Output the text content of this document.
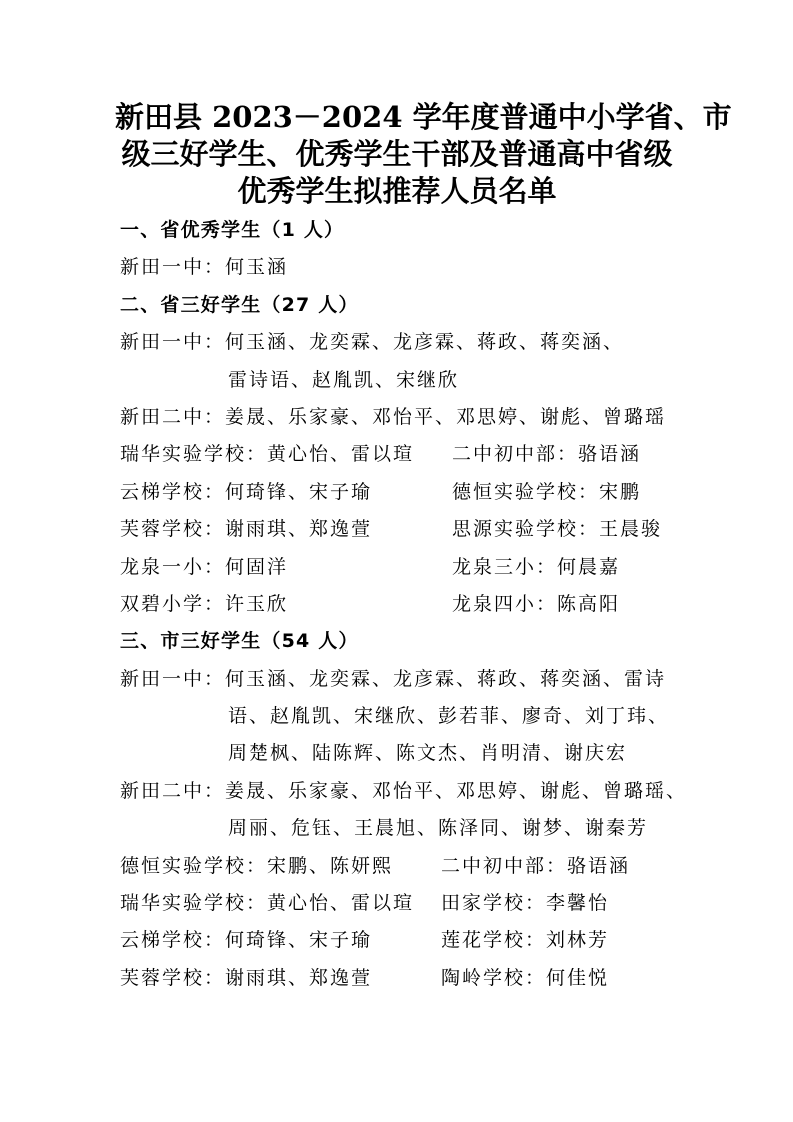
新田县 2023－2024 学年度普通中小学省、市
级三好学生、优秀学生干部及普通高中省级
优秀学生拟推荐人员名单
一、省优秀学生（1 人）
新田一中：何玉涵
二、省三好学生（27 人）
新田一中：何玉涵、龙奕霖、龙彦霖、蒋政、蒋奕涵、
雷诗语、赵胤凯、宋继欣
新田二中：姜晟、乐家豪、邓怡平、邓思婷、谢彪、曾璐瑶
瑞华实验学校：黄心怡、雷以瑄 二中初中部：骆语涵
云梯学校：何琦锋、宋子瑜	德恒实验学校：宋鹏
芙蓉学校：谢雨琪、郑逸萱	思源实验学校：王晨骏
龙泉一小：何固洋	龙泉三小：何晨嘉
双碧小学：许玉欣	龙泉四小：陈高阳
三、市三好学生（54 人）
新田一中：何玉涵、龙奕霖、龙彦霖、蒋政、蒋奕涵、雷诗
语、赵胤凯、宋继欣、彭若菲、廖奇、刘丁玮、
周楚枫、陆陈辉、陈文杰、肖明清、谢庆宏
新田二中：姜晟、乐家豪、邓怡平、邓思婷、谢彪、曾璐瑶、
周丽、危钰、王晨旭、陈泽同、谢梦、谢秦芳
德恒实验学校：宋鹏、陈妍熙	二中初中部：骆语涵
瑞华实验学校：黄心怡、雷以瑄 田家学校：李馨怡
云梯学校：何琦锋、宋子瑜	莲花学校：刘林芳
芙蓉学校：谢雨琪、郑逸萱	陶岭学校：何佳悦
